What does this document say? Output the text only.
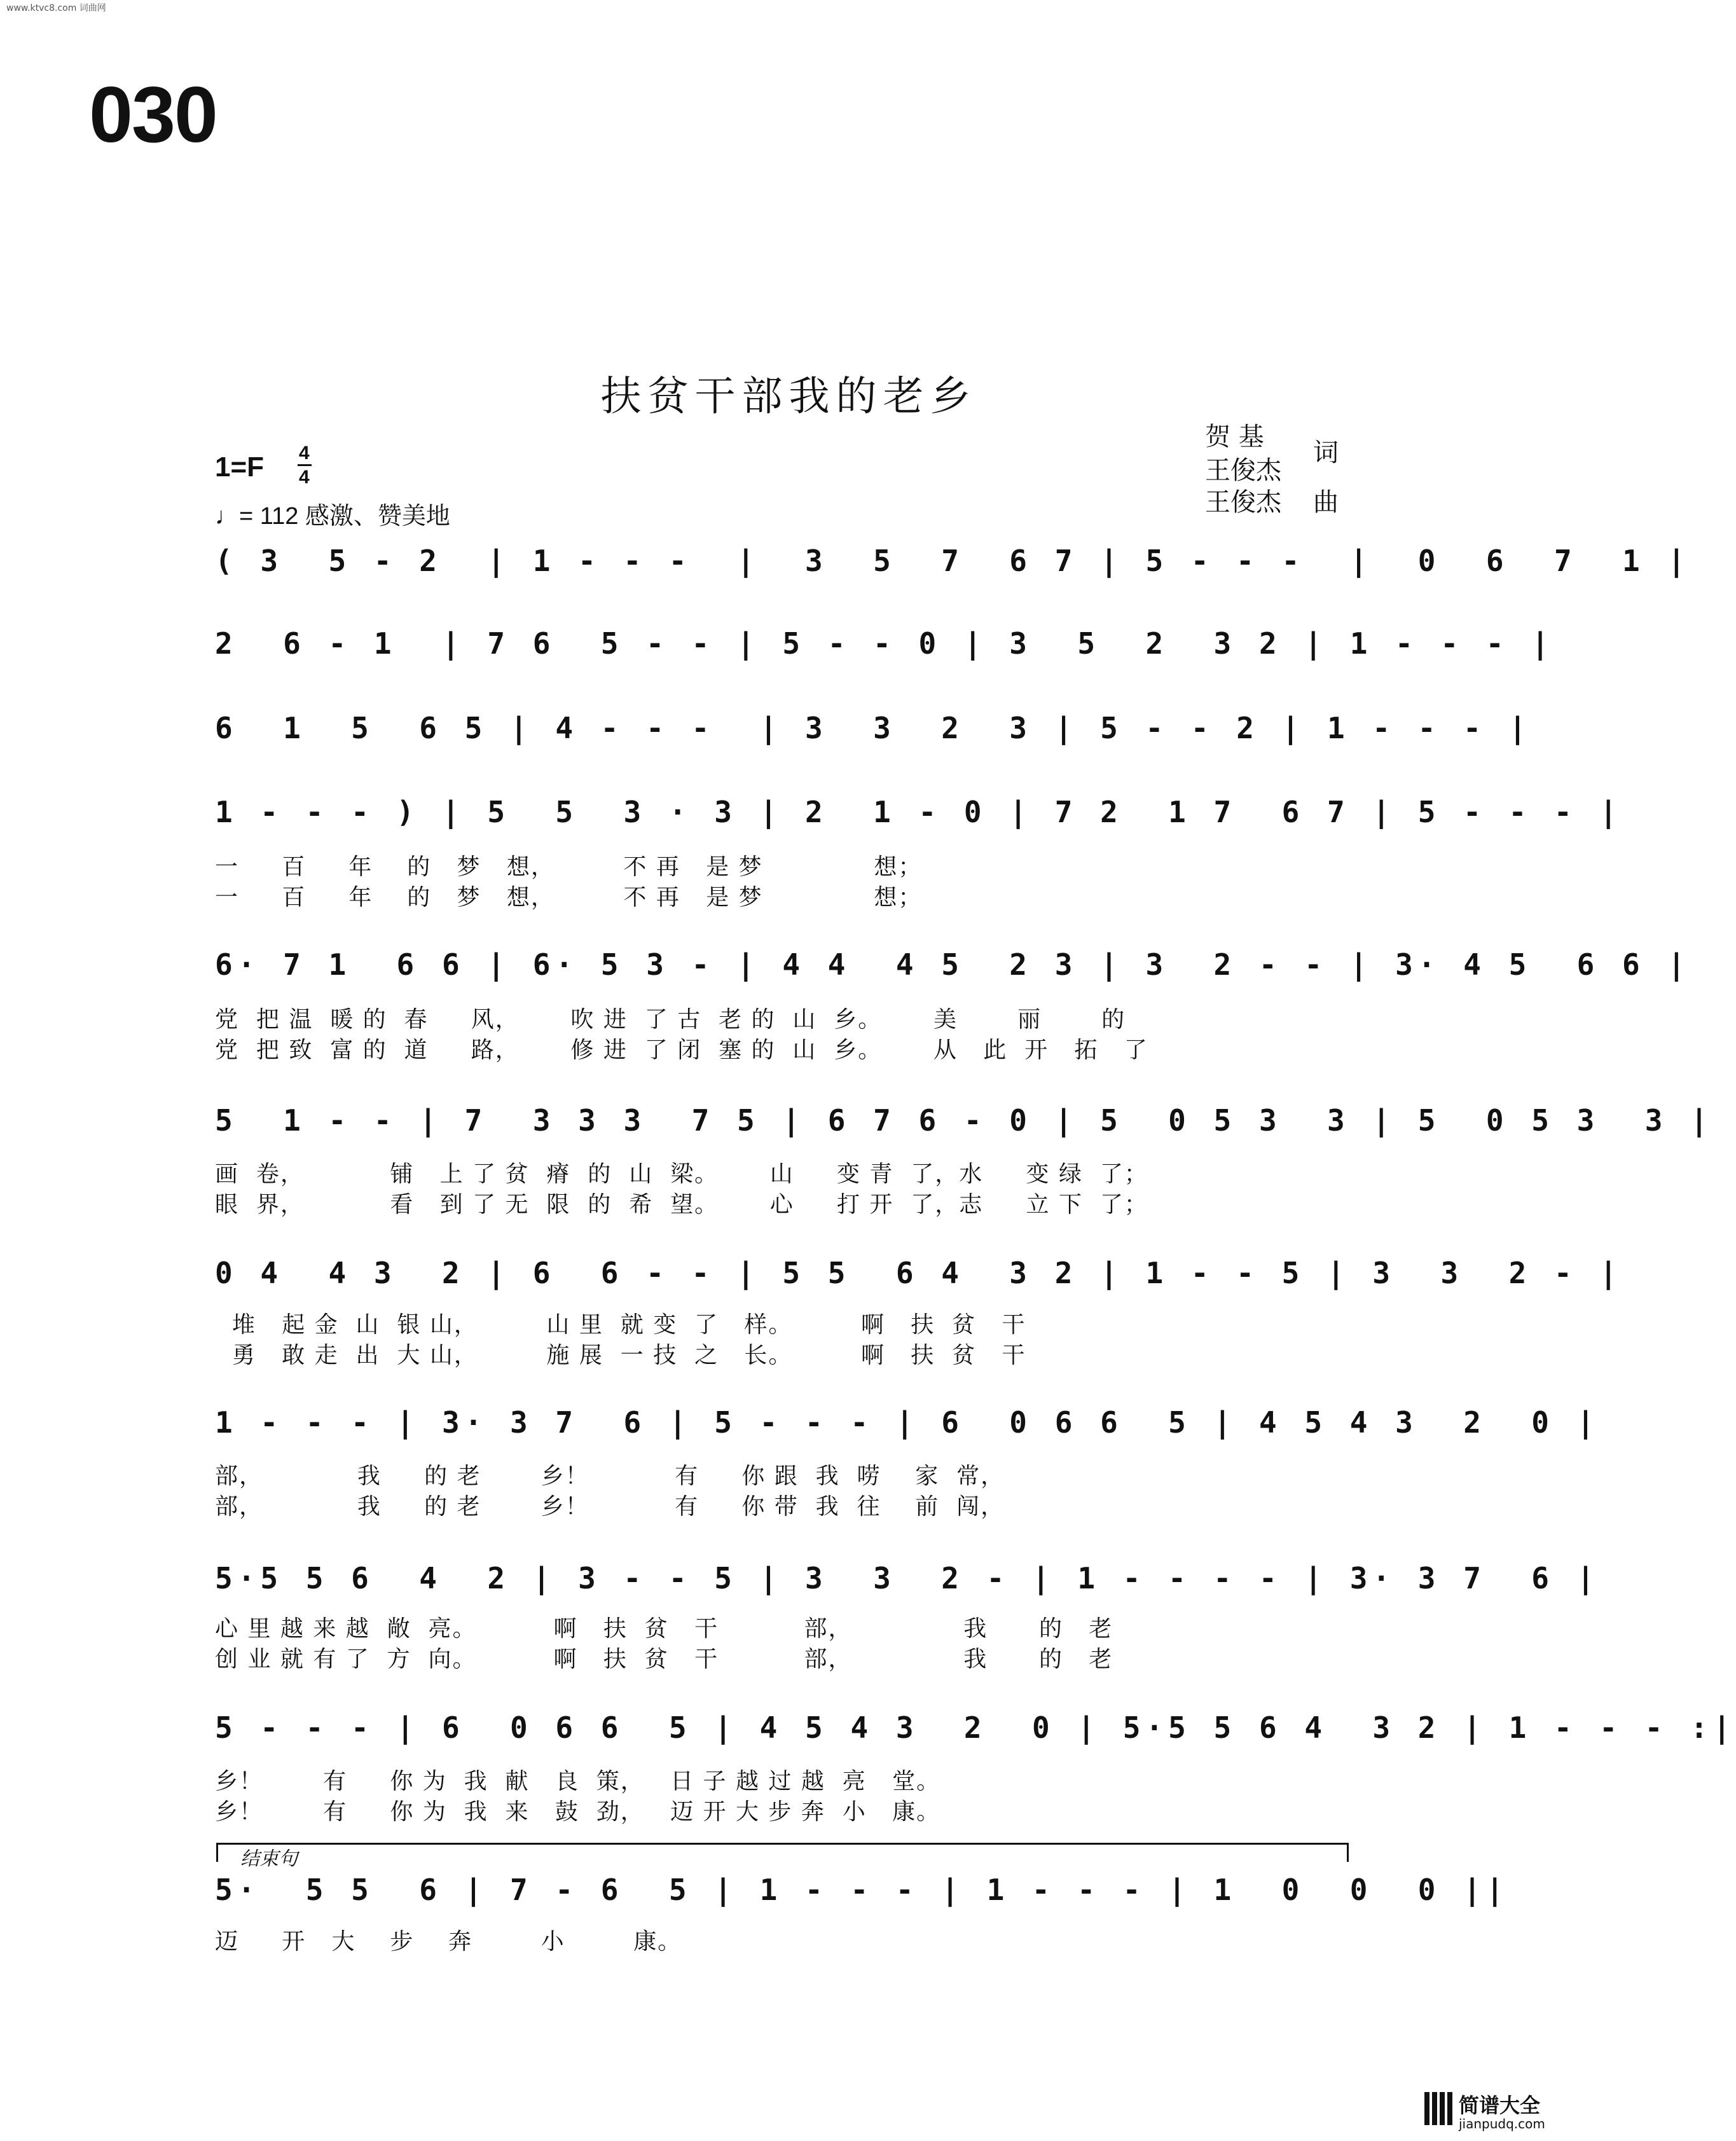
www.ktvc8.com 词曲网
030
扶贫干部我的老乡
贺 基
王俊杰
词
王俊杰 曲
1=F 4
4
♩= 112 感激、赞美地
( 3  5 - 2  | 1 - - -  |  3  5  7  6 7 | 5 - - -  |  0  6  7  1 |
2  6 - 1  | 7 6  5 - - | 5 - - 0 | 3  5  2  3 2 | 1 - - - |
6  1  5  6 5 | 4 - - -  | 3  3  2  3 | 5 - - 2 | 1 - - - |
1 - - - ) | 5  5  3 · 3 | 2  1 - 0 | 7 2  1 7  6 7 | 5 - - - |
一     百     年    的   梦   想，        不 再   是 梦             想；
一     百     年    的   梦   想，        不 再   是 梦             想；
6· 7 1  6 6 | 6· 5 3 - | 4 4  4 5  2 3 | 3  2 - - | 3· 4 5  6 6 |
党  把 温  暖 的  春     风，      吹 进  了 古  老 的  山  乡。      美       丽       的
党  把 致  富 的  道     路，      修 进  了 闭  塞 的  山  乡。      从   此  开   拓   了
5  1 - - | 7  3 3 3  7 5 | 6 7 6 - 0 | 5  0 5 3  3 | 5  0 5 3  3 |
画  卷，          铺   上 了 贫  瘠  的  山  梁。      山     变 青  了，水     变 绿  了；
眼  界，          看   到 了 无  限  的  希  望。      心     打 开  了，志     立 下  了；
0 4  4 3  2 | 6  6 - - | 5 5  6 4  3 2 | 1 - - 5 | 3  3  2 - |
堆   起 金  山  银 山，        山 里  就 变  了   样。        啊   扶  贫   干
勇   敢 走  出  大 山，        施 展  一 技  之   长。        啊   扶  贫   干
1 - - - | 3· 3 7  6 | 5 - - - | 6  0 6 6  5 | 4 5 4 3  2  0 |
部，           我     的 老       乡！          有     你 跟  我  唠    家  常，
部，           我     的 老       乡！          有     你 带  我  往    前  闯，
5·5 5 6  4  2 | 3 - - 5 | 3  3  2 - | 1 - - - - | 3· 3 7  6 |
心 里 越 来 越  敞  亮。         啊   扶  贫   干          部，             我      的   老
创 业 就 有 了  方  向。         啊   扶  贫   干          部，             我      的   老
5 - - - | 6  0 6 6  5 | 4 5 4 3  2  0 | 5·5 5 6 4  3 2 | 1 - - - :|
乡！       有     你 为  我  献   良  策，   日 子 越 过 越  亮   堂。
乡！       有     你 为  我  来   鼓  劲，   迈 开 大 步 奔  小   康。
结束句
5·  5 5  6 | 7 - 6  5 | 1 - - - | 1 - - - | 1  0  0  0 ||
迈     开   大    步    奔        小        康。
简谱大全
jianpudq.com
